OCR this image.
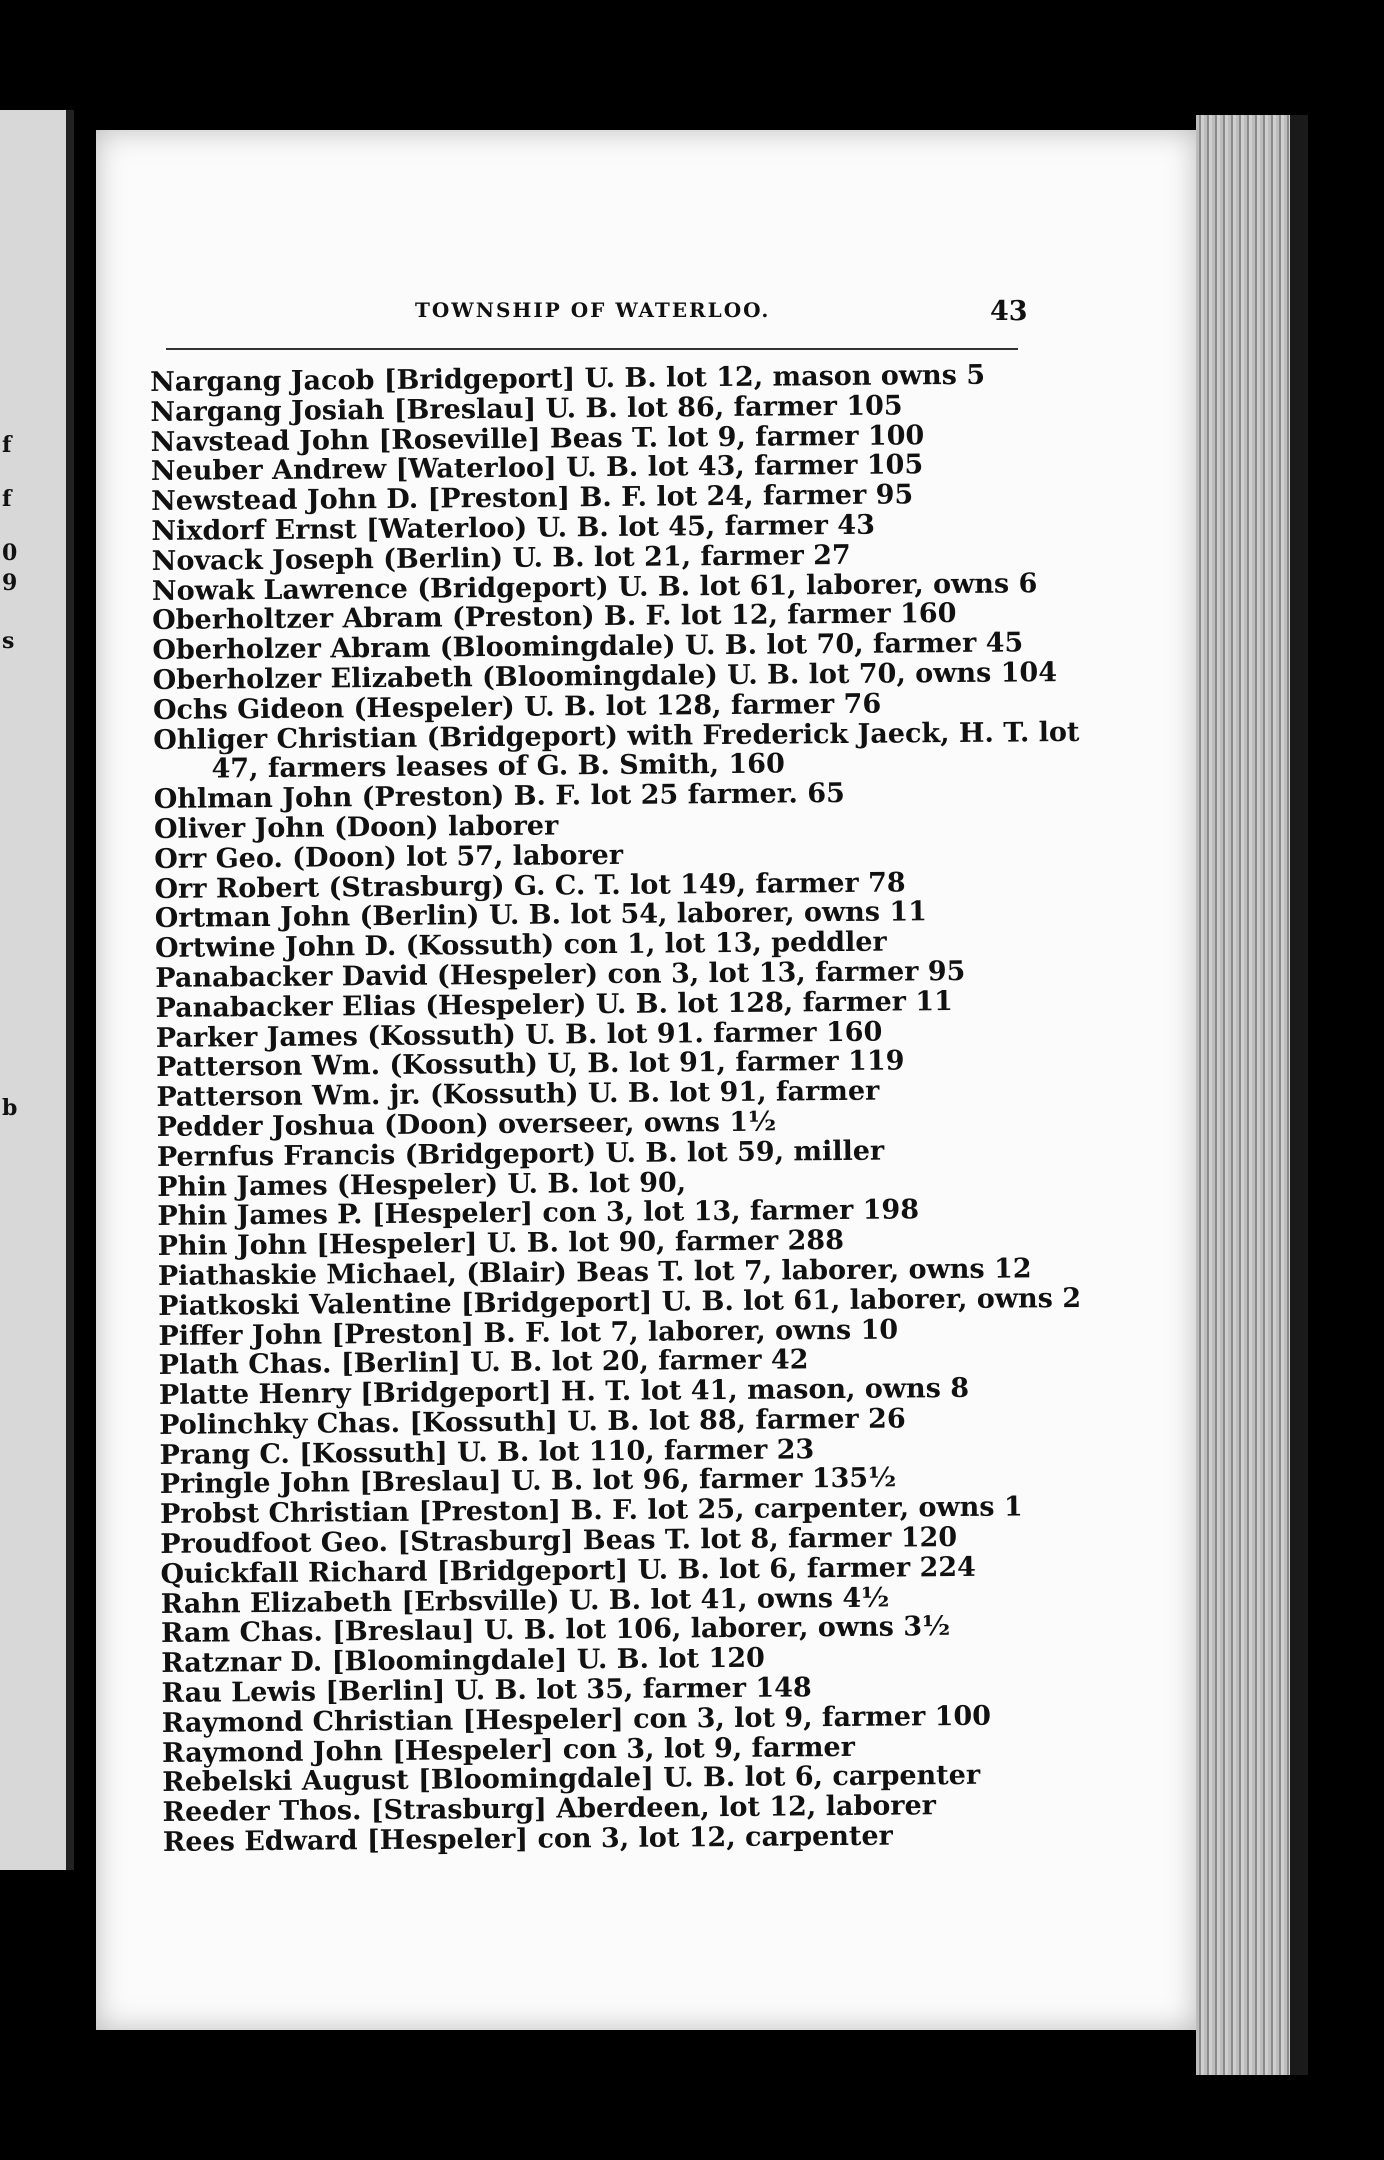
f
f
0
9
s
b
TOWNSHIP OF WATERLOO.	43
Nargang Jacob [Bridgeport] U. B. lot 12, mason owns 5
Nargang Josiah [Breslau] U. B. lot 86, farmer 105
Navstead John [Roseville] Beas T. lot 9, farmer 100
Neuber Andrew [Waterloo] U. B. lot 43, farmer 105
Newstead John D. [Preston] B. F. lot 24, farmer 95
Nixdorf Ernst [Waterloo) U. B. lot 45, farmer 43
Novack Joseph (Berlin) U. B. lot 21, farmer 27
Nowak Lawrence (Bridgeport) U. B. lot 61, laborer, owns 6
Oberholtzer Abram (Preston) B. F. lot 12, farmer 160
Oberholzer Abram (Bloomingdale) U. B. lot 70, farmer 45
Oberholzer Elizabeth (Bloomingdale) U. B. lot 70, owns 104
Ochs Gideon (Hespeler) U. B. lot 128, farmer 76
Ohliger Christian (Bridgeport) with Frederick Jaeck, H. T. lot
47, farmers leases of G. B. Smith, 160
Ohlman John (Preston) B. F. lot 25 farmer. 65
Oliver John (Doon) laborer
Orr Geo. (Doon) lot 57, laborer
Orr Robert (Strasburg) G. C. T. lot 149, farmer 78
Ortman John (Berlin) U. B. lot 54, laborer, owns 11
Ortwine John D. (Kossuth) con 1, lot 13, peddler
Panabacker David (Hespeler) con 3, lot 13, farmer 95
Panabacker Elias (Hespeler) U. B. lot 128, farmer 11
Parker James (Kossuth) U. B. lot 91. farmer 160
Patterson Wm. (Kossuth) U, B. lot 91, farmer 119
Patterson Wm. jr. (Kossuth) U. B. lot 91, farmer
Pedder Joshua (Doon) overseer, owns 1½
Pernfus Francis (Bridgeport) U. B. lot 59, miller
Phin James (Hespeler) U. B. lot 90,
Phin James P. [Hespeler] con 3, lot 13, farmer 198
Phin John [Hespeler] U. B. lot 90, farmer 288
Piathaskie Michael, (Blair) Beas T. lot 7, laborer, owns 12
Piatkoski Valentine [Bridgeport] U. B. lot 61, laborer, owns 2
Piffer John [Preston] B. F. lot 7, laborer, owns 10
Plath Chas. [Berlin] U. B. lot 20, farmer 42
Platte Henry [Bridgeport] H. T. lot 41, mason, owns 8
Polinchky Chas. [Kossuth] U. B. lot 88, farmer 26
Prang C. [Kossuth] U. B. lot 110, farmer 23
Pringle John [Breslau] U. B. lot 96, farmer 135½
Probst Christian [Preston] B. F. lot 25, carpenter, owns 1
Proudfoot Geo. [Strasburg] Beas T. lot 8, farmer 120
Quickfall Richard [Bridgeport] U. B. lot 6, farmer 224
Rahn Elizabeth [Erbsville) U. B. lot 41, owns 4½
Ram Chas. [Breslau] U. B. lot 106, laborer, owns 3½
Ratznar D. [Bloomingdale] U. B. lot 120
Rau Lewis [Berlin] U. B. lot 35, farmer 148
Raymond Christian [Hespeler] con 3, lot 9, farmer 100
Raymond John [Hespeler] con 3, lot 9, farmer
Rebelski August [Bloomingdale] U. B. lot 6, carpenter
Reeder Thos. [Strasburg] Aberdeen, lot 12, laborer
Rees Edward [Hespeler] con 3, lot 12, carpenter
